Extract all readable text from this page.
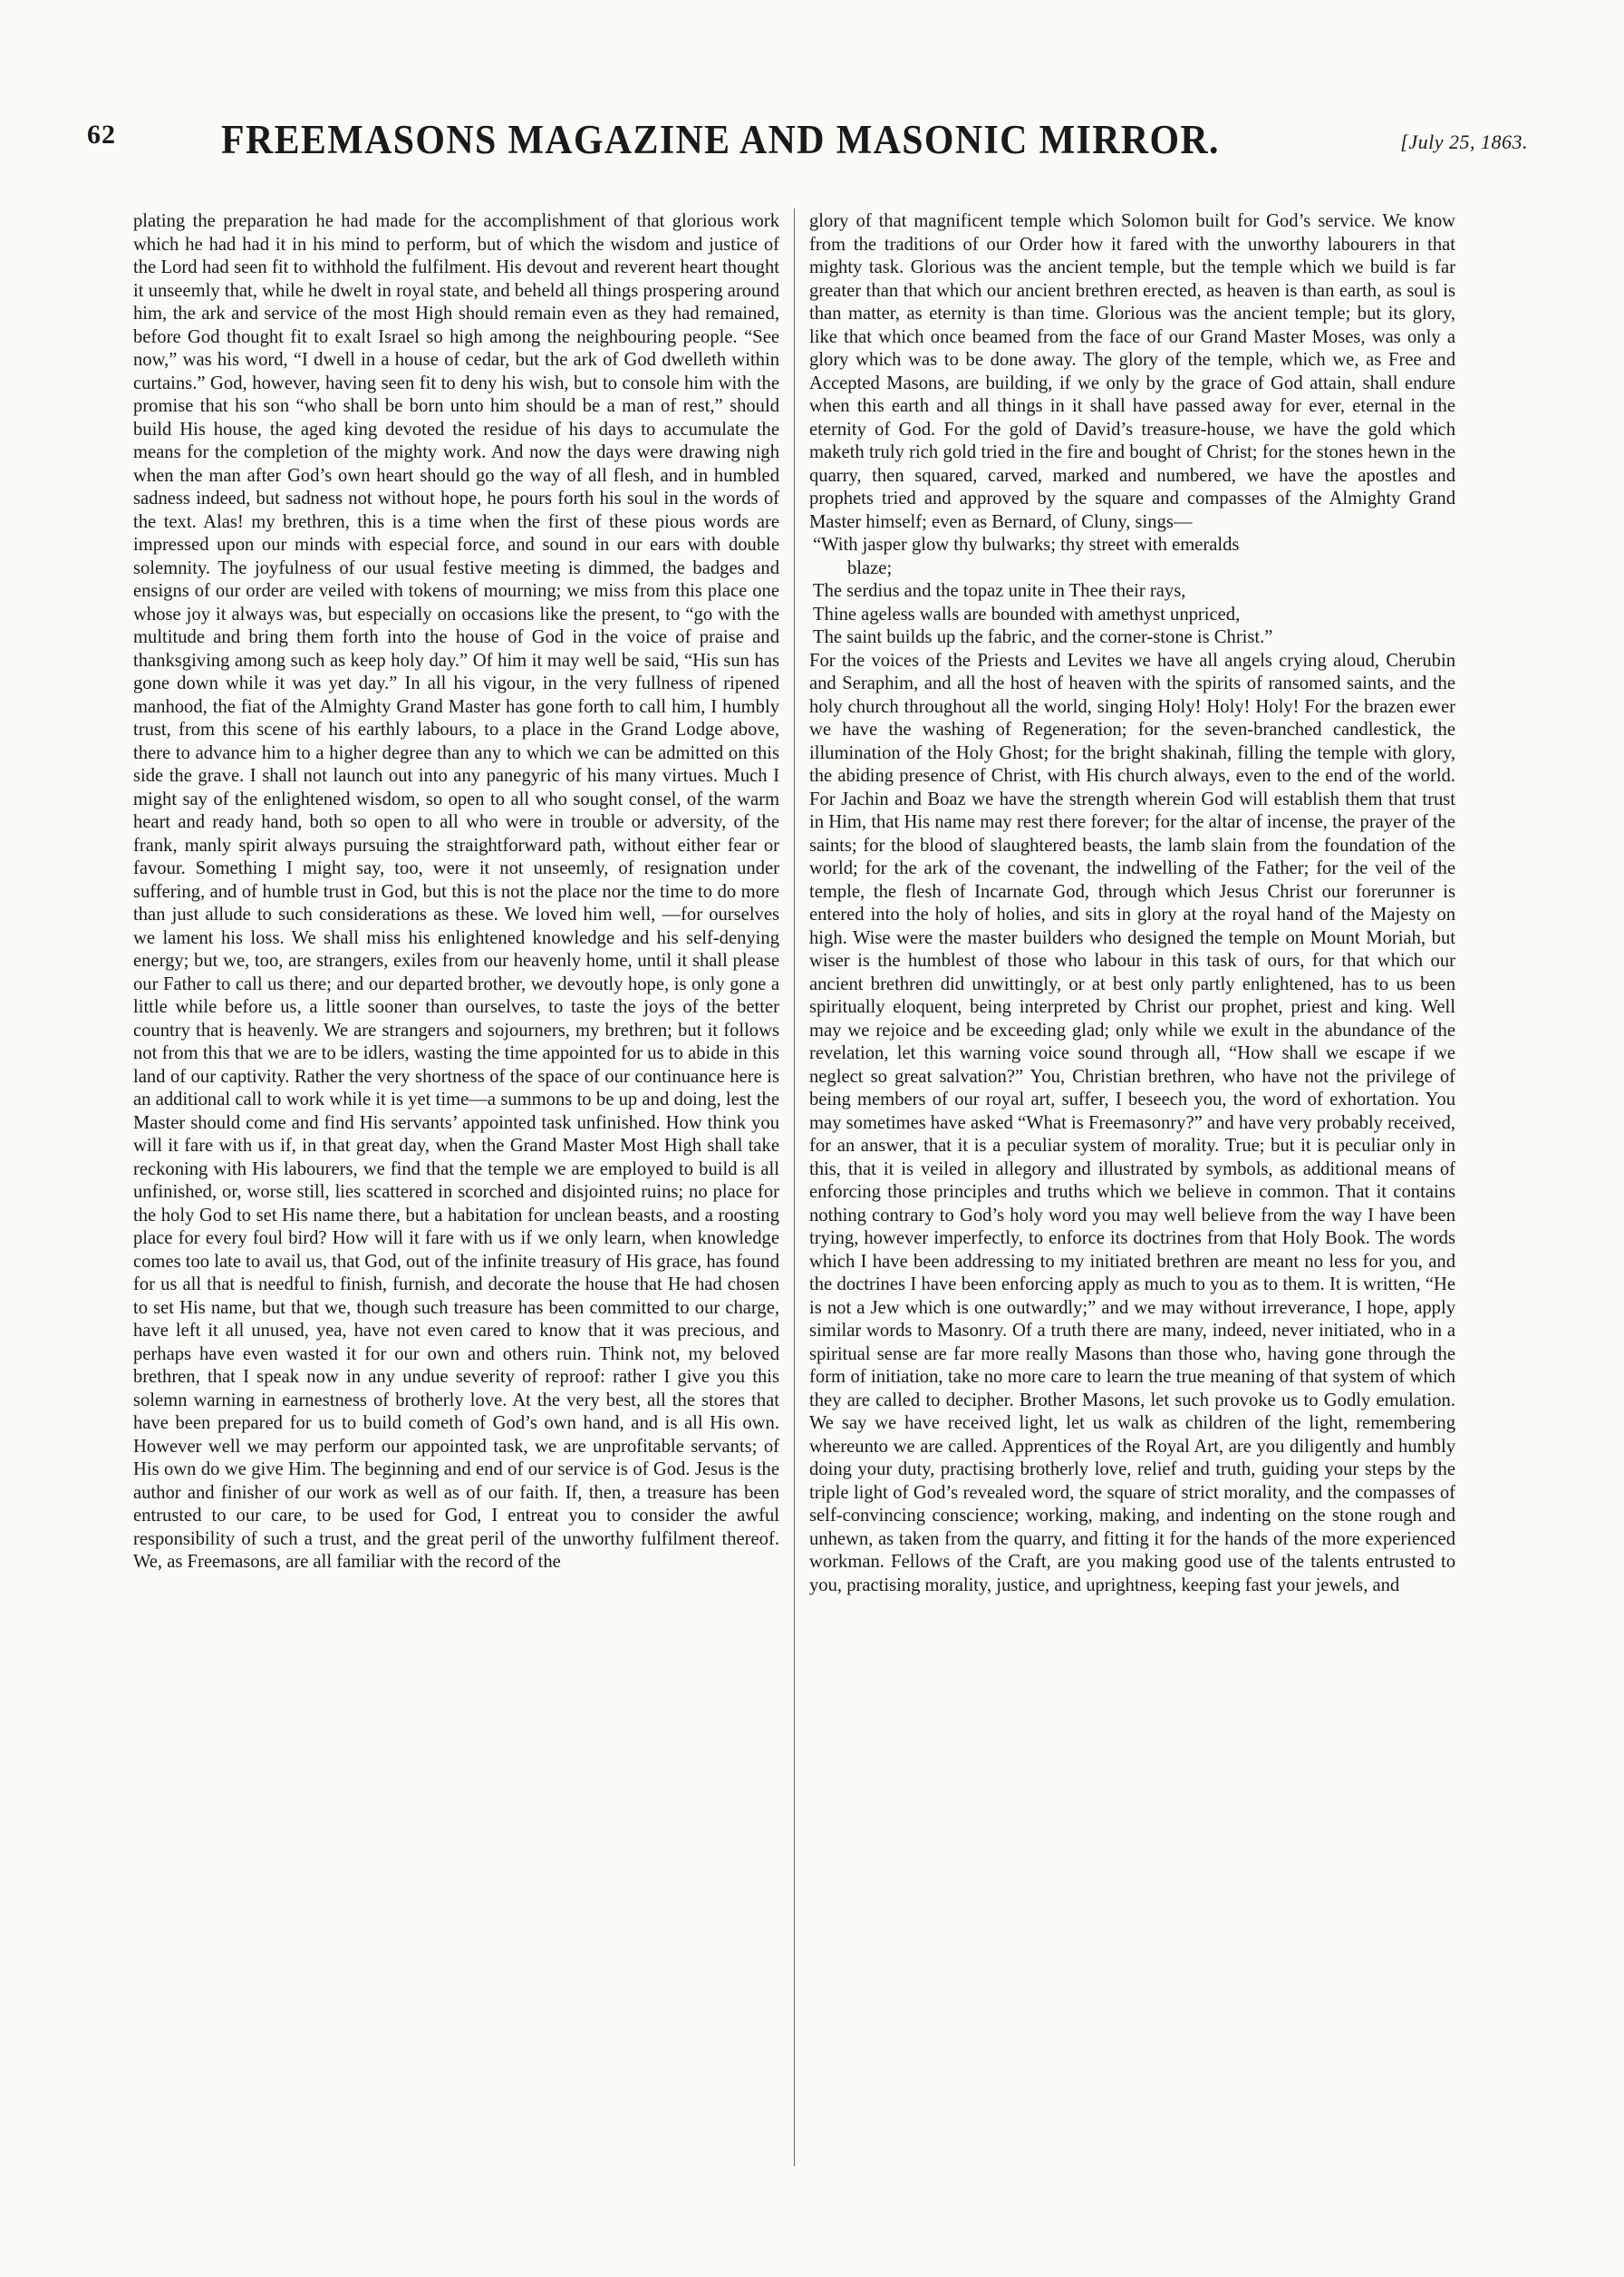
62	FREEMASONS MAGAZINE AND MASONIC MIRROR.	[July 25, 1863.

plating the preparation he had made for the accomplishment of that glorious work which he had had it in his mind to perform, but of which the wisdom and justice of the Lord had seen fit to withhold the fulfilment. His devout and reverent heart thought it unseemly that, while he dwelt in royal state, and beheld all things prospering around him, the ark and service of the most High should remain even as they had remained, before God thought fit to exalt Israel so high among the neighbouring people. “See now,” was his word, “I dwell in a house of cedar, but the ark of God dwelleth within curtains.” God, however, having seen fit to deny his wish, but to console him with the promise that his son “who shall be born unto him should be a man of rest,” should build His house, the aged king devoted the residue of his days to accumulate the means for the completion of the mighty work. And now the days were drawing nigh when the man after God’s own heart should go the way of all flesh, and in humbled sadness indeed, but sadness not without hope, he pours forth his soul in the words of the text. Alas! my brethren, this is a time when the first of these pious words are impressed upon our minds with especial force, and sound in our ears with double solemnity. The joyfulness of our usual festive meeting is dimmed, the badges and ensigns of our order are veiled with tokens of mourning; we miss from this place one whose joy it always was, but especially on occasions like the present, to “go with the multitude and bring them forth into the house of God in the voice of praise and thanksgiving among such as keep holy day.” Of him it may well be said, “His sun has gone down while it was yet day.” In all his vigour, in the very fullness of ripened manhood, the fiat of the Almighty Grand Master has gone forth to call him, I humbly trust, from this scene of his earthly labours, to a place in the Grand Lodge above, there to advance him to a higher degree than any to which we can be admitted on this side the grave. I shall not launch out into any panegyric of his many virtues. Much I might say of the enlightened wisdom, so open to all who sought consel, of the warm heart and ready hand, both so open to all who were in trouble or adversity, of the frank, manly spirit always pursuing the straightforward path, without either fear or favour. Something I might say, too, were it not unseemly, of resignation under suffering, and of humble trust in God, but this is not the place nor the time to do more than just allude to such considerations as these. We loved him well, —for ourselves we lament his loss. We shall miss his enlightened knowledge and his self-denying energy; but we, too, are strangers, exiles from our heavenly home, until it shall please our Father to call us there; and our departed brother, we devoutly hope, is only gone a little while before us, a little sooner than ourselves, to taste the joys of the better country that is heavenly. We are strangers and sojourners, my brethren; but it follows not from this that we are to be idlers, wasting the time appointed for us to abide in this land of our captivity. Rather the very shortness of the space of our continuance here is an additional call to work while it is yet time—a summons to be up and doing, lest the Master should come and find His servants’ appointed task unfinished. How think you will it fare with us if, in that great day, when the Grand Master Most High shall take reckoning with His labourers, we find that the temple we are employed to build is all unfinished, or, worse still, lies scattered in scorched and disjointed ruins; no place for the holy God to set His name there, but a habitation for unclean beasts, and a roosting place for every foul bird? How will it fare with us if we only learn, when knowledge comes too late to avail us, that God, out of the infinite treasury of His grace, has found for us all that is needful to finish, furnish, and decorate the house that He had chosen to set His name, but that we, though such treasure has been committed to our charge, have left it all unused, yea, have not even cared to know that it was precious, and perhaps have even wasted it for our own and others ruin. Think not, my beloved brethren, that I speak now in any undue severity of reproof: rather I give you this solemn warning in earnestness of brotherly love. At the very best, all the stores that have been prepared for us to build cometh of God’s own hand, and is all His own. However well we may perform our appointed task, we are unprofitable servants; of His own do we give Him. The beginning and end of our service is of God. Jesus is the author and finisher of our work as well as of our faith. If, then, a treasure has been entrusted to our care, to be used for God, I entreat you to consider the awful responsibility of such a trust, and the great peril of the unworthy fulfilment thereof. We, as Freemasons, are all familiar with the record of the

glory of that magnificent temple which Solomon built for God’s service. We know from the traditions of our Order how it fared with the unworthy labourers in that mighty task. Glorious was the ancient temple, but the temple which we build is far greater than that which our ancient brethren erected, as heaven is than earth, as soul is than matter, as eternity is than time. Glorious was the ancient temple; but its glory, like that which once beamed from the face of our Grand Master Moses, was only a glory which was to be done away. The glory of the temple, which we, as Free and Accepted Masons, are building, if we only by the grace of God attain, shall endure when this earth and all things in it shall have passed away for ever, eternal in the eternity of God. For the gold of David’s treasure-house, we have the gold which maketh truly rich gold tried in the fire and bought of Christ; for the stones hewn in the quarry, then squared, carved, marked and numbered, we have the apostles and prophets tried and approved by the square and compasses of the Almighty Grand Master himself; even as Bernard, of Cluny, sings—

“With jasper glow thy bulwarks; thy street with emeralds
blaze;
The serdius and the topaz unite in Thee their rays,
Thine ageless walls are bounded with amethyst unpriced,
The saint builds up the fabric, and the corner-stone is Christ.”

For the voices of the Priests and Levites we have all angels crying aloud, Cherubin and Seraphim, and all the host of heaven with the spirits of ransomed saints, and the holy church throughout all the world, singing Holy! Holy! Holy! For the brazen ewer we have the washing of Regeneration; for the seven-branched candlestick, the illumination of the Holy Ghost; for the bright shakinah, filling the temple with glory, the abiding presence of Christ, with His church always, even to the end of the world. For Jachin and Boaz we have the strength wherein God will establish them that trust in Him, that His name may rest there forever; for the altar of incense, the prayer of the saints; for the blood of slaughtered beasts, the lamb slain from the foundation of the world; for the ark of the covenant, the indwelling of the Father; for the veil of the temple, the flesh of Incarnate God, through which Jesus Christ our forerunner is entered into the holy of holies, and sits in glory at the royal hand of the Majesty on high. Wise were the master builders who designed the temple on Mount Moriah, but wiser is the humblest of those who labour in this task of ours, for that which our ancient brethren did unwittingly, or at best only partly enlightened, has to us been spiritually eloquent, being interpreted by Christ our prophet, priest and king. Well may we rejoice and be exceeding glad; only while we exult in the abundance of the revelation, let this warning voice sound through all, “How shall we escape if we neglect so great salvation?” You, Christian brethren, who have not the privilege of being members of our royal art, suffer, I beseech you, the word of exhortation. You may sometimes have asked “What is Freemasonry?” and have very probably received, for an answer, that it is a peculiar system of morality. True; but it is peculiar only in this, that it is veiled in allegory and illustrated by symbols, as additional means of enforcing those principles and truths which we believe in common. That it contains nothing contrary to God’s holy word you may well believe from the way I have been trying, however imperfectly, to enforce its doctrines from that Holy Book. The words which I have been addressing to my initiated brethren are meant no less for you, and the doctrines I have been enforcing apply as much to you as to them. It is written, “He is not a Jew which is one outwardly;” and we may without irreverance, I hope, apply similar words to Masonry. Of a truth there are many, indeed, never initiated, who in a spiritual sense are far more really Masons than those who, having gone through the form of initiation, take no more care to learn the true meaning of that system of which they are called to decipher. Brother Masons, let such provoke us to Godly emulation. We say we have received light, let us walk as children of the light, remembering whereunto we are called. Apprentices of the Royal Art, are you diligently and humbly doing your duty, practising brotherly love, relief and truth, guiding your steps by the triple light of God’s revealed word, the square of strict morality, and the compasses of self-convincing conscience; working, making, and indenting on the stone rough and unhewn, as taken from the quarry, and fitting it for the hands of the more experienced workman. Fellows of the Craft, are you making good use of the talents entrusted to you, practising morality, justice, and uprightness, keeping fast your jewels, and
